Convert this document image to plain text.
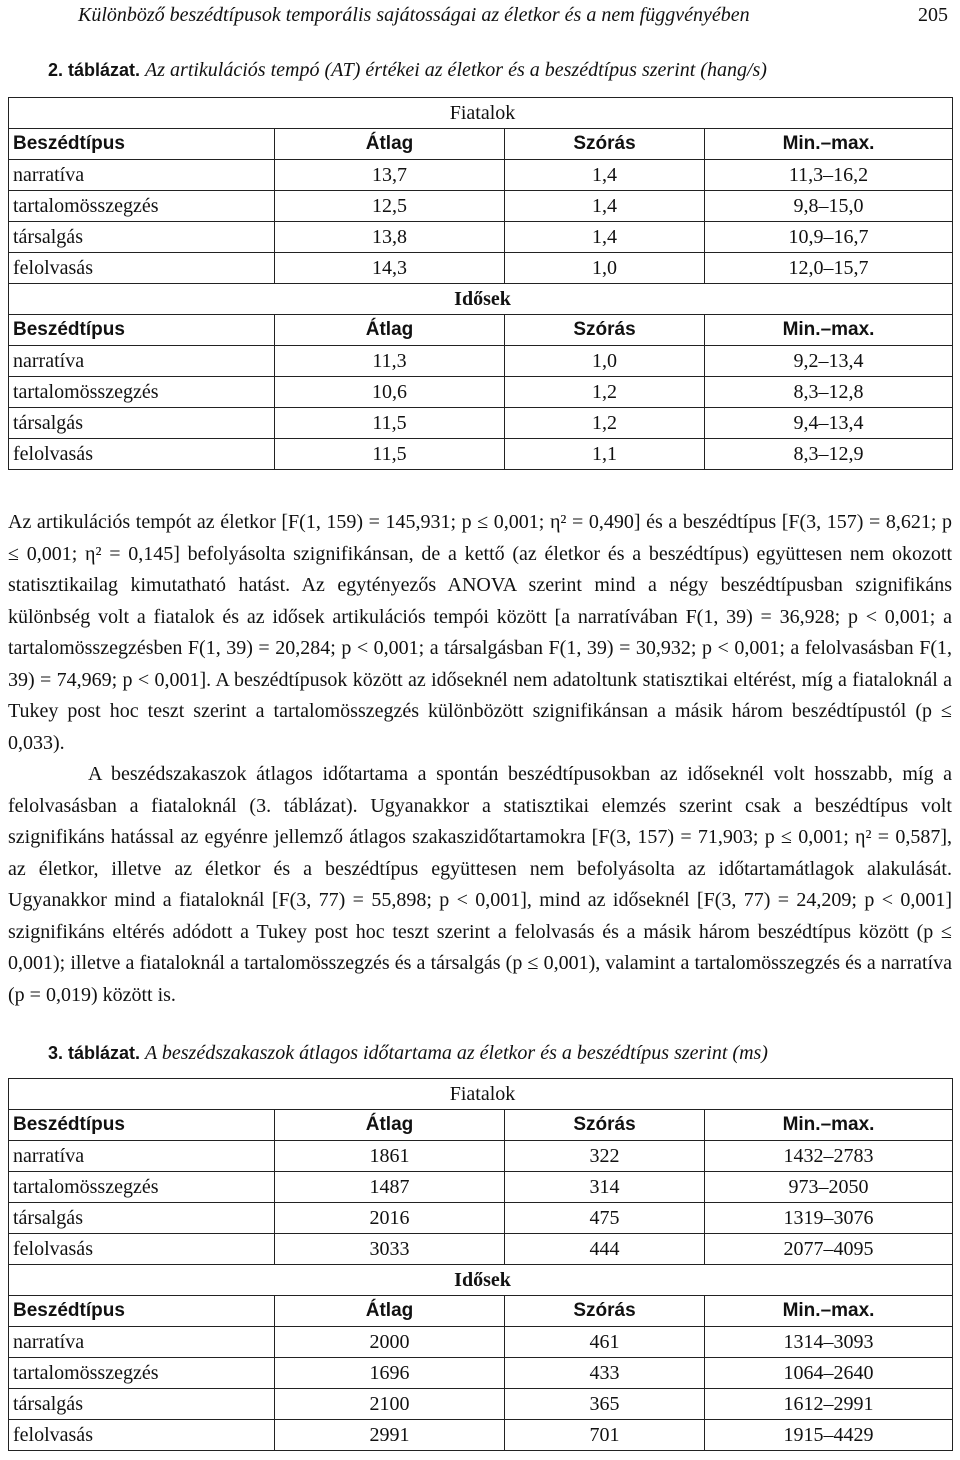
Különböző beszédtípusok temporális sajátosságai az életkor és a nem függvényében	205
2. táblázat. Az artikulációs tempó (AT) értékei az életkor és a beszédtípus szerint (hang/s)
Fiatalok			
Beszédtípus	Átlag	Szórás	Min.–max.
narratíva	13,7	1,4	11,3–16,2
tartalomösszegzés	12,5	1,4	9,8–15,0
társalgás	13,8	1,4	10,9–16,7
felolvasás	14,3	1,0	12,0–15,7
Idősek			
Beszédtípus	Átlag	Szórás	Min.–max.
narratíva	11,3	1,0	9,2–13,4
tartalomösszegzés	10,6	1,2	8,3–12,8
társalgás	11,5	1,2	9,4–13,4
felolvasás	11,5	1,1	8,3–12,9

Az artikulációs tempót az életkor [F(1, 159) = 145,931; p ≤ 0,001; η² = 0,490] és a beszédtípus [F(3, 157) = 8,621; p ≤ 0,001; η² = 0,145] befolyásolta szignifikánsan, de a kettő (az életkor és a beszédtípus) együttesen nem okozott statisztikailag kimutatható hatást. Az egytényezős ANOVA szerint mind a négy beszédtípusban szignifikáns különbség volt a fiatalok és az idősek artikulációs tempói között [a narratívában F(1, 39) = 36,928; p < 0,001; a tartalomösszegzésben F(1, 39) = 20,284; p < 0,001; a társalgásban F(1, 39) = 30,932; p < 0,001; a felolvasásban F(1, 39) = 74,969; p < 0,001]. A beszédtípusok között az időseknél nem adatoltunk statisztikai eltérést, míg a fiataloknál a Tukey post hoc teszt szerint a tartalomösszegzés különbözött szignifikánsan a másik három beszédtípustól (p ≤ 0,033).

A beszédszakaszok átlagos időtartama a spontán beszédtípusokban az időseknél volt hosszabb, míg a felolvasásban a fiataloknál (3. táblázat). Ugyanakkor a statisztikai elemzés szerint csak a beszédtípus volt szignifikáns hatással az egyénre jellemző átlagos szakaszidőtartamokra [F(3, 157) = 71,903; p ≤ 0,001; η² = 0,587], az életkor, illetve az életkor és a beszédtípus együttesen nem befolyásolta az időtartamátlagok alakulását. Ugyanakkor mind a fiataloknál [F(3, 77) = 55,898; p < 0,001], mind az időseknél [F(3, 77) = 24,209; p < 0,001] szignifikáns eltérés adódott a Tukey post hoc teszt szerint a felolvasás és a másik három beszédtípus között (p ≤ 0,001); illetve a fiataloknál a tartalomösszegzés és a társalgás (p ≤ 0,001), valamint a tartalomösszegzés és a narratíva (p = 0,019) között is.

3. táblázat. A beszédszakaszok átlagos időtartama az életkor és a beszédtípus szerint (ms)
Fiatalok			
Beszédtípus	Átlag	Szórás	Min.–max.
narratíva	1861	322	1432–2783
tartalomösszegzés	1487	314	973–2050
társalgás	2016	475	1319–3076
felolvasás	3033	444	2077–4095
Idősek			
Beszédtípus	Átlag	Szórás	Min.–max.
narratíva	2000	461	1314–3093
tartalomösszegzés	1696	433	1064–2640
társalgás	2100	365	1612–2991
felolvasás	2991	701	1915–4429
